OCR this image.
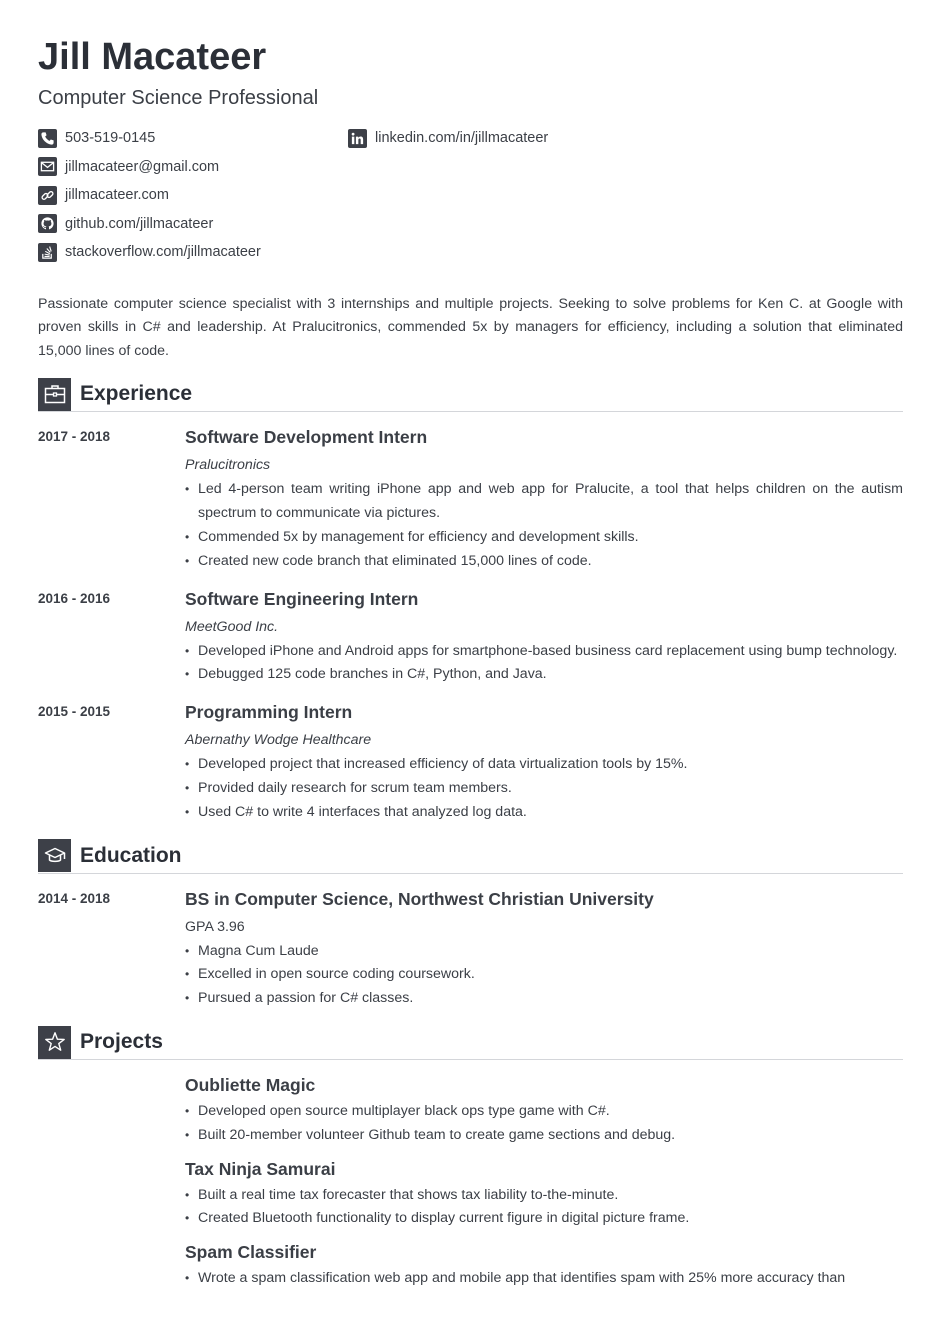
Jill Macateer
Computer Science Professional
503-519-0145
jillmacateer@gmail.com
jillmacateer.com
github.com/jillmacateer
stackoverflow.com/jillmacateer
linkedin.com/in/jillmacateer
Passionate computer science specialist with 3 internships and multiple projects. Seeking to solve problems for Ken C. at Google with proven skills in C# and leadership. At Pralucitronics, commended 5x by managers for efficiency, including a solution that eliminated 15,000 lines of code.
Experience
2017 - 2018	Software Development Intern
Pralucitronics
• Led 4-person team writing iPhone app and web app for Pralucite, a tool that helps children on the autism spectrum to communicate via pictures.
• Commended 5x by management for efficiency and development skills.
• Created new code branch that eliminated 15,000 lines of code.
2016 - 2016	Software Engineering Intern
MeetGood Inc.
• Developed iPhone and Android apps for smartphone-based business card replacement using bump technology.
• Debugged 125 code branches in C#, Python, and Java.
2015 - 2015	Programming Intern
Abernathy Wodge Healthcare
• Developed project that increased efficiency of data virtualization tools by 15%.
• Provided daily research for scrum team members.
• Used C# to write 4 interfaces that analyzed log data.
Education
2014 - 2018	BS in Computer Science, Northwest Christian University
GPA 3.96
• Magna Cum Laude
• Excelled in open source coding coursework.
• Pursued a passion for C# classes.
Projects
Oubliette Magic
• Developed open source multiplayer black ops type game with C#.
• Built 20-member volunteer Github team to create game sections and debug.
Tax Ninja Samurai
• Built a real time tax forecaster that shows tax liability to-the-minute.
• Created Bluetooth functionality to display current figure in digital picture frame.
Spam Classifier
• Wrote a spam classification web app and mobile app that identifies spam with 25% more accuracy than
